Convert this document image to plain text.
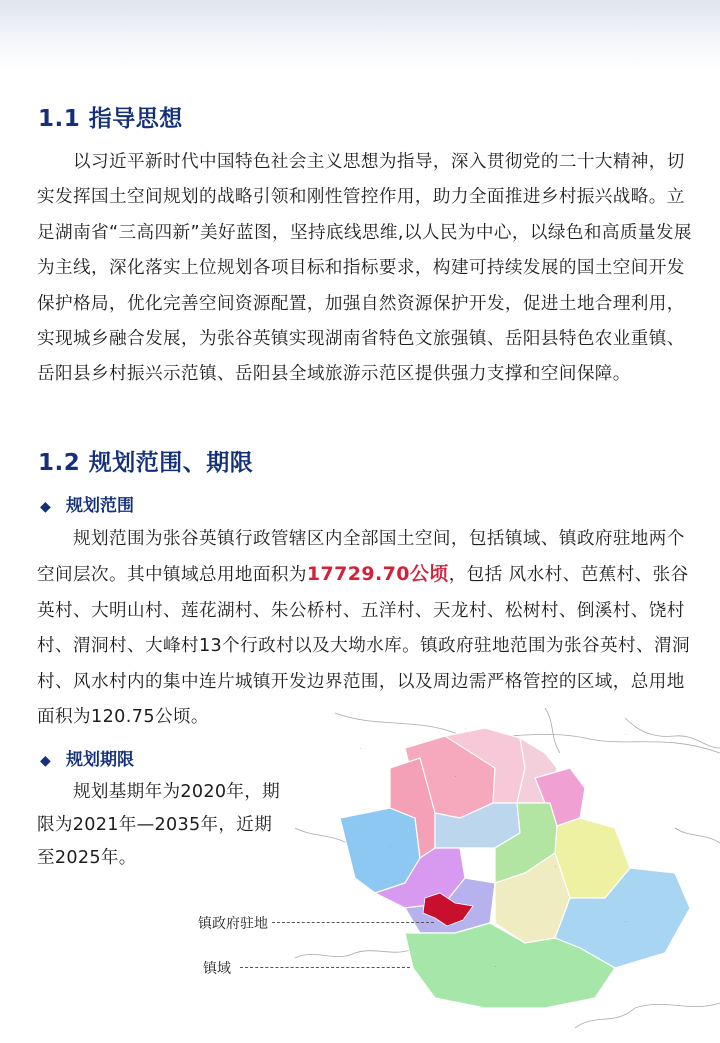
1.1 指导思想
以习近平新时代中国特色社会主义思想为指导，深入贯彻党的二十大精神，切实发挥国土空间规划的战略引领和刚性管控作用，助力全面推进乡村振兴战略。立足湖南省“三高四新”美好蓝图，坚持底线思维,以人民为中心，以绿色和高质量发展为主线，深化落实上位规划各项目标和指标要求，构建可持续发展的国土空间开发保护格局，优化完善空间资源配置，加强自然资源保护开发，促进土地合理利用，实现城乡融合发展，为张谷英镇实现湖南省特色文旅强镇、岳阳县特色农业重镇、岳阳县乡村振兴示范镇、岳阳县全域旅游示范区提供强力支撑和空间保障。
1.2 规划范围、期限
◆ 规划范围
规划范围为张谷英镇行政管辖区内全部国土空间，包括镇域、镇政府驻地两个空间层次。其中镇域总用地面积为17729.70公顷，包括 风水村、芭蕉村、张谷英村、大明山村、莲花湖村、朱公桥村、五洋村、天龙村、松树村、倒溪村、饶村村、渭洞村、大峰村13个行政村以及大坳水库。镇政府驻地范围为张谷英村、渭洞村、风水村内的集中连片城镇开发边界范围，以及周边需严格管控的区域，总用地面积为120.75公顷。
◆ 规划期限
规划基期年为2020年，期限为2021年—2035年，近期至2025年。
·
·
·
·
·
·
·
·
镇政府驻地
镇域
